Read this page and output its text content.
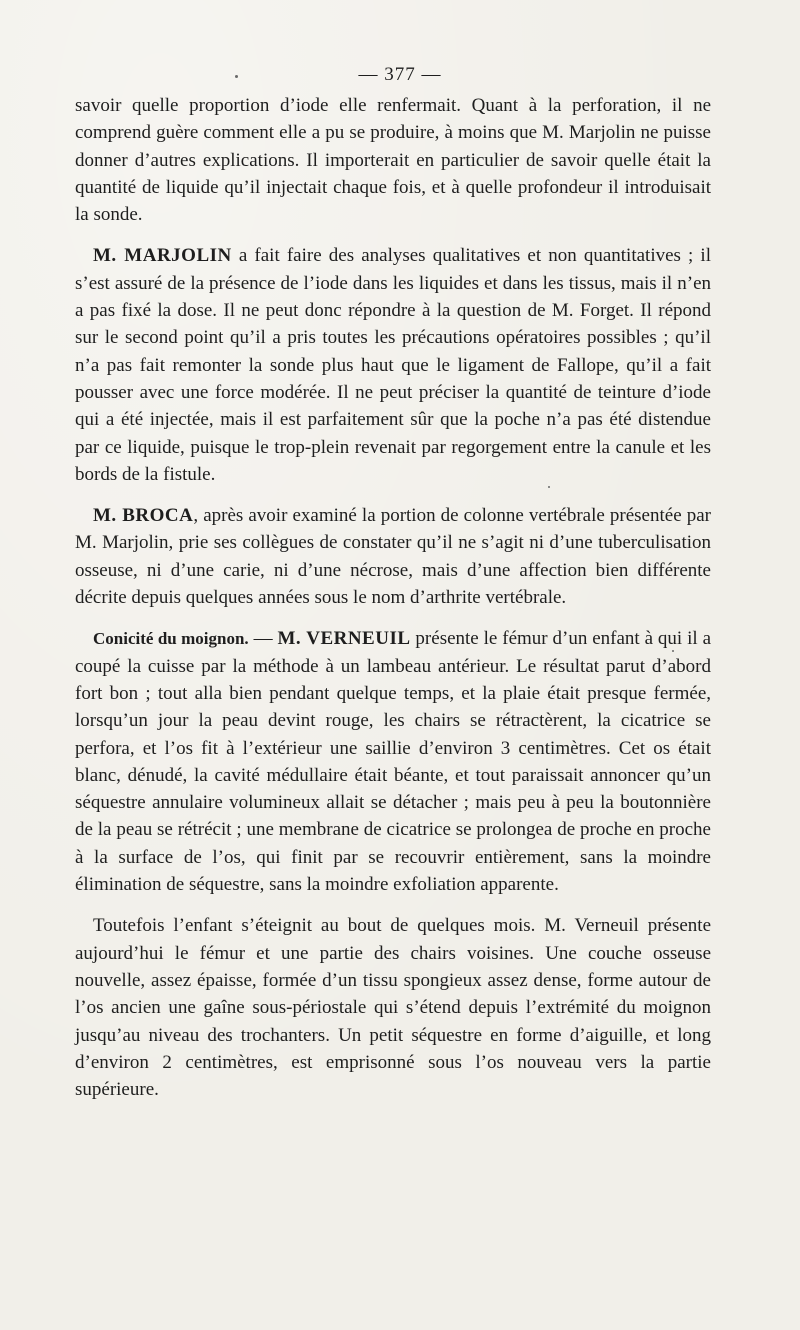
— 377 —

savoir quelle proportion d’iode elle renfermait. Quant à la perforation, il ne comprend guère comment elle a pu se produire, à moins que M. Marjolin ne puisse donner d’autres explications. Il importerait en particulier de savoir quelle était la quantité de liquide qu’il injectait chaque fois, et à quelle profondeur il introduisait la sonde.

M. MARJOLIN a fait faire des analyses qualitatives et non quantitatives ; il s’est assuré de la présence de l’iode dans les liquides et dans les tissus, mais il n’en a pas fixé la dose. Il ne peut donc répondre à la question de M. Forget. Il répond sur le second point qu’il a pris toutes les précautions opératoires possibles ; qu’il n’a pas fait remonter la sonde plus haut que le ligament de Fallope, qu’il a fait pousser avec une force modérée. Il ne peut préciser la quantité de teinture d’iode qui a été injectée, mais il est parfaitement sûr que la poche n’a pas été distendue par ce liquide, puisque le trop-plein revenait par regorgement entre la canule et les bords de la fistule.

M. BROCA, après avoir examiné la portion de colonne vertébrale présentée par M. Marjolin, prie ses collègues de constater qu’il ne s’agit ni d’une tuberculisation osseuse, ni d’une carie, ni d’une nécrose, mais d’une affection bien différente décrite depuis quelques années sous le nom d’arthrite vertébrale.

Conicité du moignon. — M. VERNEUIL présente le fémur d’un enfant à qui il a coupé la cuisse par la méthode à un lambeau antérieur. Le résultat parut d’abord fort bon ; tout alla bien pendant quelque temps, et la plaie était presque fermée, lorsqu’un jour la peau devint rouge, les chairs se rétractèrent, la cicatrice se perfora, et l’os fit à l’extérieur une saillie d’environ 3 centimètres. Cet os était blanc, dénudé, la cavité médullaire était béante, et tout paraissait annoncer qu’un séquestre annulaire volumineux allait se détacher ; mais peu à peu la boutonnière de la peau se rétrécit ; une membrane de cicatrice se prolongea de proche en proche à la surface de l’os, qui finit par se recouvrir entièrement, sans la moindre élimination de séquestre, sans la moindre exfoliation apparente.

Toutefois l’enfant s’éteignit au bout de quelques mois. M. Verneuil présente aujourd’hui le fémur et une partie des chairs voisines. Une couche osseuse nouvelle, assez épaisse, formée d’un tissu spongieux assez dense, forme autour de l’os ancien une gaîne sous-périostale qui s’étend depuis l’extrémité du moignon jusqu’au niveau des trochanters. Un petit séquestre en forme d’aiguille, et long d’environ 2 centimètres, est emprisonné sous l’os nouveau vers la partie supérieure.
